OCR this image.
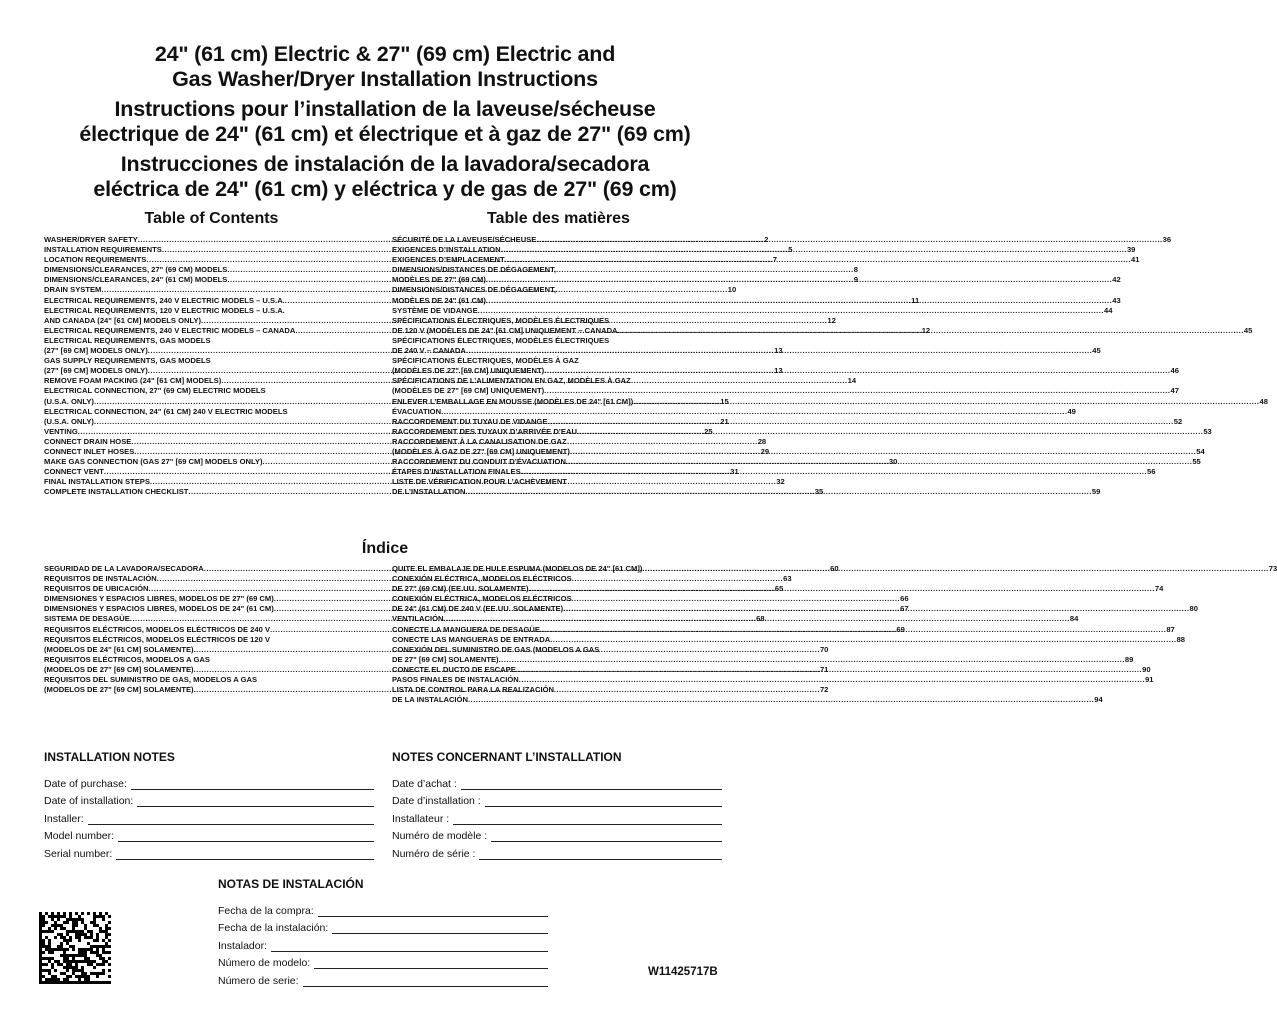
24" (61 cm) Electric & 27" (69 cm) Electric and
Gas Washer/Dryer Installation Instructions
Instructions pour l’installation de la laveuse/sécheuse
électrique de 24" (61 cm) et électrique et à gaz de 27" (69 cm)
Instrucciones de instalación de la lavadora/secadora
eléctrica de 24" (61 cm) y eléctrica y de gas de 27" (69 cm)
Table of Contents	Table des matières
WASHER/DRYER SAFETY .....	2
INSTALLATION REQUIREMENTS .....	5
LOCATION REQUIREMENTS .....	7
DIMENSIONS/CLEARANCES, 27" (69 CM) MODELS .....	8
DIMENSIONS/CLEARANCES, 24" (61 CM) MODELS .....	9
DRAIN SYSTEM .....	10
ELECTRICAL REQUIREMENTS, 240 V ELECTRIC MODELS – U.S.A. .....	11
ELECTRICAL REQUIREMENTS, 120 V ELECTRIC MODELS – U.S.A.
AND CANADA (24" [61 CM] MODELS ONLY) .....	12
ELECTRICAL REQUIREMENTS, 240 V ELECTRIC MODELS – CANADA .....	12
ELECTRICAL REQUIREMENTS, GAS MODELS
(27" [69 CM] MODELS ONLY) .....	13
GAS SUPPLY REQUIREMENTS, GAS MODELS
(27" [69 CM] MODELS ONLY) .....	13
REMOVE FOAM PACKING (24" [61 CM] MODELS) .....	14
ELECTRICAL CONNECTION, 27" (69 CM) ELECTRIC MODELS
(U.S.A. ONLY) .....	15
ELECTRICAL CONNECTION, 24" (61 CM) 240 V ELECTRIC MODELS
(U.S.A. ONLY) .....	21
VENTING .....	25
CONNECT DRAIN HOSE .....	28
CONNECT INLET HOSES .....	29
MAKE GAS CONNECTION (GAS 27" [69 CM] MODELS ONLY) .....	30
CONNECT VENT .....	31
FINAL INSTALLATION STEPS .....	32
COMPLETE INSTALLATION CHECKLIST .....	35
SÉCURITÉ DE LA LAVEUSE/SÉCHEUSE .....	36
EXIGENCES D’INSTALLATION .....	39
EXIGENCES D’EMPLACEMENT .....	41
DIMENSIONS/DISTANCES DE DÉGAGEMENT,
MODÈLES DE 27" (69 CM) .....	42
DIMENSIONS/DISTANCES DE DÉGAGEMENT,
MODÈLES DE 24" (61 CM) .....	43
SYSTÈME DE VIDANGE .....	44
SPÉCIFICATIONS ÉLECTRIQUES, MODÈLES ÉLECTRIQUES
DE 120 V (MODÈLES DE 24" [61 CM] UNIQUEMENT – CANADA .....	45
SPÉCIFICATIONS ÉLECTRIQUES, MODÈLES ÉLECTRIQUES
DE 240 V – CANADA .....	45
SPÉCIFICATIONS ÉLECTRIQUES, MODÈLES À GAZ
(MODÈLES DE 27" [69 CM] UNIQUEMENT) .....	46
SPÉCIFICATIONS DE L’ALIMENTATION EN GAZ, MODÈLES À GAZ
(MODÈLES DE 27" [69 CM] UNIQUEMENT) .....	47
ENLEVER L’EMBALLAGE EN MOUSSE (MODÈLES DE 24" [61 CM]) .....	48
ÉVACUATION .....	49
RACCORDEMENT DU TUYAU DE VIDANGE .....	52
RACCORDEMENT DES TUYAUX D’ARRIVÉE D’EAU .....	53
RACCORDEMENT À LA CANALISATION DE GAZ
(MODÈLES À GAZ DE 27" [69 CM] UNIQUEMENT) .....	54
RACCORDEMENT DU CONDUIT D’ÉVACUATION .....	55
ÉTAPES D’INSTALLATION FINALES .....	56
LISTE DE VÉRIFICATION POUR L’ACHÈVEMENT
DE L’INSTALLATION .....	59
Índice
SEGURIDAD DE LA LAVADORA/SECADORA .....	60
REQUISITOS DE INSTALACIÓN .....	63
REQUISITOS DE UBICACIÓN .....	65
DIMENSIONES Y ESPACIOS LIBRES, MODELOS DE 27" (69 CM) .....	66
DIMENSIONES Y ESPACIOS LIBRES, MODELOS DE 24" (61 CM) .....	67
SISTEMA DE DESAGÜE .....	68
REQUISITOS ELÉCTRICOS, MODELOS ELÉCTRICOS DE 240 V .....	69
REQUISITOS ELÉCTRICOS, MODELOS ELÉCTRICOS DE 120 V
(MODELOS DE 24" [61 CM] SOLAMENTE) .....	70
REQUISITOS ELÉCTRICOS, MODELOS A GAS
(MODELOS DE 27" [69 CM] SOLAMENTE) .....	71
REQUISITOS DEL SUMINISTRO DE GAS, MODELOS A GAS
(MODELOS DE 27" [69 CM] SOLAMENTE) .....	72
QUITE EL EMBALAJE DE HULE ESPUMA (MODELOS DE 24" [61 CM]) .....	73
CONEXIÓN ELÉCTRICA, MODELOS ELÉCTRICOS
DE 27" (69 CM) (EE.UU. SOLAMENTE) .....	74
CONEXIÓN ELÉCTRICA, MODELOS ELÉCTRICOS
DE 24" (61 CM) DE 240 V (EE.UU. SOLAMENTE) .....	80
VENTILACIÓN .....	84
CONECTE LA MANGUERA DE DESAGÜE .....	87
CONECTE LAS MANGUERAS DE ENTRADA .....	88
CONEXIÓN DEL SUMINISTRO DE GAS (MODELOS A GAS
DE 27" [69 CM] SOLAMENTE) .....	89
CONECTE EL DUCTO DE ESCAPE .....	90
PASOS FINALES DE INSTALACIÓN .....	91
LISTA DE CONTROL PARA LA REALIZACIÓN
DE LA INSTALACIÓN .....	94
INSTALLATION NOTES
Date of purchase:
Date of installation:
Installer:
Model number:
Serial number:
NOTES CONCERNANT L’INSTALLATION
Date d’achat :
Date d’installation :
Installateur :
Numéro de modèle :
Numéro de série :
NOTAS DE INSTALACIÓN
Fecha de la compra:
Fecha de la instalación:
Instalador:
Número de modelo:
Número de serie:
W11425717B
